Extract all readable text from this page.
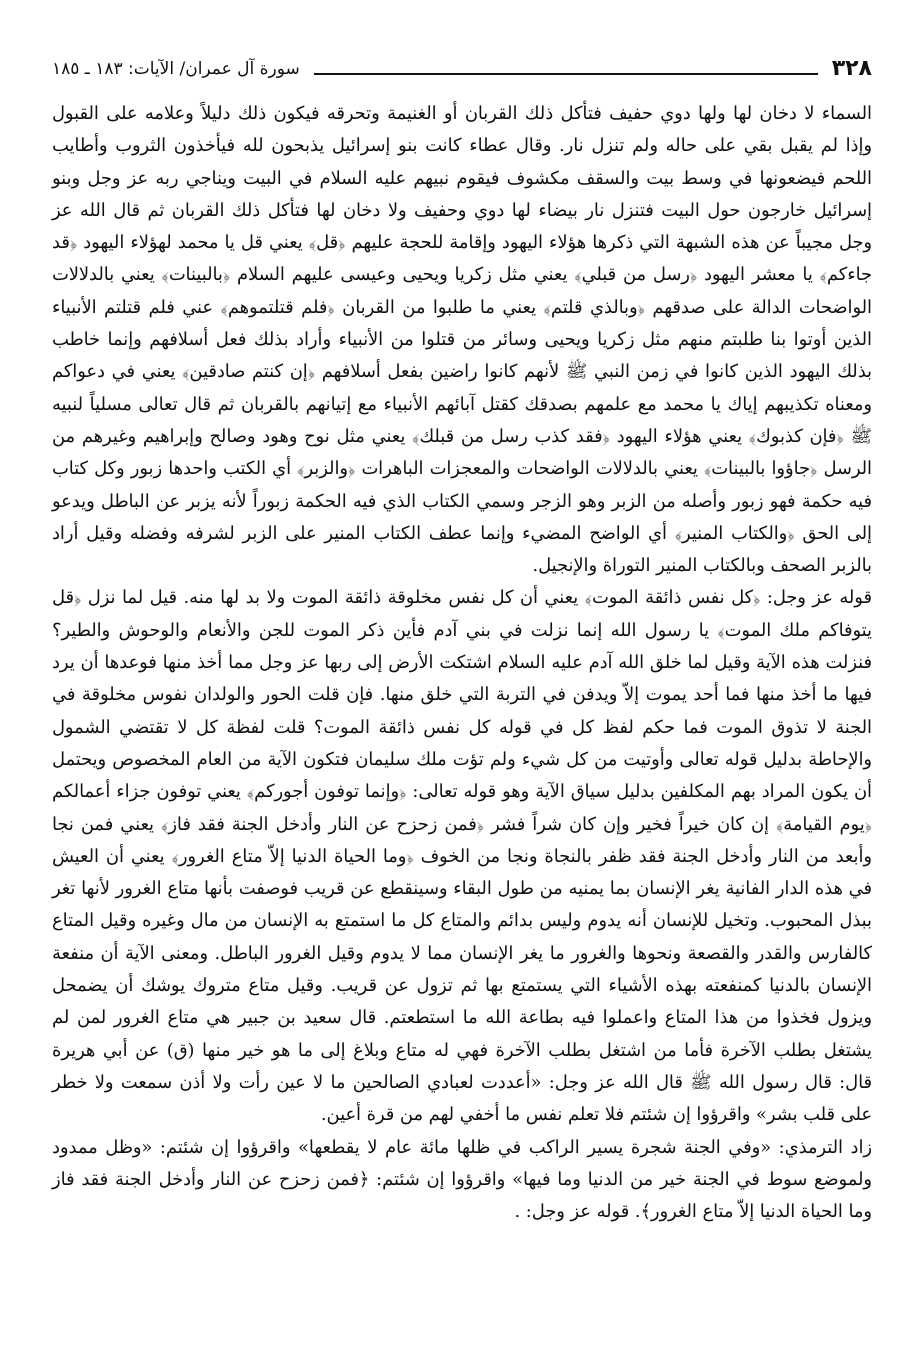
٣٢٨
سورة آل عمران/ الآيات: ١٨٣ ـ ١٨٥

السماء لا دخان لها ولها دوي حفيف فتأكل ذلك القربان أو الغنيمة وتحرقه فيكون ذلك دليلاً وعلامه على القبول وإذا لم يقبل بقي على حاله ولم تنزل نار. وقال عطاء كانت بنو إسرائيل يذبحون لله فيأخذون الثروب وأطايب اللحم فيضعونها في وسط بيت والسقف مكشوف فيقوم نبيهم عليه السلام في البيت ويناجي ربه عز وجل وبنو إسرائيل خارجون حول البيت فتنزل نار بيضاء لها دوي وحفيف ولا دخان لها فتأكل ذلك القربان ثم قال الله عز وجل مجيباً عن هذه الشبهة التي ذكرها هؤلاء اليهود وإقامة للحجة عليهم ﴿قل﴾ يعني قل يا محمد لهؤلاء اليهود ﴿قد جاءكم﴾ يا معشر اليهود ﴿رسل من قبلي﴾ يعني مثل زكريا ويحيى وعيسى عليهم السلام ﴿بالبينات﴾ يعني بالدلالات الواضحات الدالة على صدقهم ﴿وبالذي قلتم﴾ يعني ما طلبوا من القربان ﴿فلم قتلتموهم﴾ عني فلم قتلتم الأنبياء الذين أوتوا بنا طلبتم منهم مثل زكريا ويحيى وسائر من قتلوا من الأنبياء وأراد بذلك فعل أسلافهم وإنما خاطب بذلك اليهود الذين كانوا في زمن النبي ﷺ لأنهم كانوا راضين بفعل أسلافهم ﴿إن كنتم صادقين﴾ يعني في دعواكم ومعناه تكذيبهم إياك يا محمد مع علمهم بصدقك كقتل آبائهم الأنبياء مع إتيانهم بالقربان ثم قال تعالى مسلياً لنبيه ﷺ ﴿فإن كذبوك﴾ يعني هؤلاء اليهود ﴿فقد كذب رسل من قبلك﴾ يعني مثل نوح وهود وصالح وإبراهيم وغيرهم من الرسل ﴿جاؤوا بالبينات﴾ يعني بالدلالات الواضحات والمعجزات الباهرات ﴿والزبر﴾ أي الكتب واحدها زبور وكل كتاب فيه حكمة فهو زبور وأصله من الزبر وهو الزجر وسمي الكتاب الذي فيه الحكمة زبوراً لأنه يزبر عن الباطل ويدعو إلى الحق ﴿والكتاب المنير﴾ أي الواضح المضيء وإنما عطف الكتاب المنير على الزبر لشرفه وفضله وقيل أراد بالزبر الصحف وبالكتاب المنير التوراة والإنجيل.

قوله عز وجل: ﴿كل نفس ذائقة الموت﴾ يعني أن كل نفس مخلوقة ذائقة الموت ولا بد لها منه. قيل لما نزل ﴿قل يتوفاكم ملك الموت﴾ يا رسول الله إنما نزلت في بني آدم فأين ذكر الموت للجن والأنعام والوحوش والطير؟ فنزلت هذه الآية وقيل لما خلق الله آدم عليه السلام اشتكت الأرض إلى ربها عز وجل مما أخذ منها فوعدها أن يرد فيها ما أخذ منها فما أحد يموت إلاّ ويدفن في التربة التي خلق منها. فإن قلت الحور والولدان نفوس مخلوقة في الجنة لا تذوق الموت فما حكم لفظ كل في قوله كل نفس ذائقة الموت؟ قلت لفظة كل لا تقتضي الشمول والإحاطة بدليل قوله تعالى وأوتيت من كل شيء ولم تؤت ملك سليمان فتكون الآية من العام المخصوص ويحتمل أن يكون المراد بهم المكلفين بدليل سياق الآية وهو قوله تعالى: ﴿وإنما توفون أجوركم﴾ يعني توفون جزاء أعمالكم ﴿يوم القيامة﴾ إن كان خيراً فخير وإن كان شراً فشر ﴿فمن زحزح عن النار وأدخل الجنة فقد فاز﴾ يعني فمن نجا وأبعد من النار وأدخل الجنة فقد ظفر بالنجاة ونجا من الخوف ﴿وما الحياة الدنيا إلاّ متاع الغرور﴾ يعني أن العيش في هذه الدار الفانية يغر الإنسان بما يمنيه من طول البقاء وسينقطع عن قريب فوصفت بأنها متاع الغرور لأنها تغر ببذل المحبوب. وتخيل للإنسان أنه يدوم وليس بدائم والمتاع كل ما استمتع به الإنسان من مال وغيره وقيل المتاع كالفارس والقدر والقصعة ونحوها والغرور ما يغر الإنسان مما لا يدوم وقيل الغرور الباطل. ومعنى الآية أن منفعة الإنسان بالدنيا كمنفعته بهذه الأشياء التي يستمتع بها ثم تزول عن قريب. وقيل متاع متروك يوشك أن يضمحل ويزول فخذوا من هذا المتاع واعملوا فيه بطاعة الله ما استطعتم. قال سعيد بن جبير هي متاع الغرور لمن لم يشتغل بطلب الآخرة فأما من اشتغل بطلب الآخرة فهي له متاع وبلاغ إلى ما هو خير منها (ق) عن أبي هريرة قال: قال رسول الله ﷺ قال الله عز وجل: «أعددت لعبادي الصالحين ما لا عين رأت ولا أذن سمعت ولا خطر على قلب بشر» واقرؤوا إن شئتم فلا تعلم نفس ما أخفي لهم من قرة أعين.

زاد الترمذي: «وفي الجنة شجرة يسير الراكب في ظلها مائة عام لا يقطعها» واقرؤوا إن شئتم: «وظل ممدود ولموضع سوط في الجنة خير من الدنيا وما فيها» واقرؤوا إن شئتم: ﴿فمن زحزح عن النار وأدخل الجنة فقد فاز وما الحياة الدنيا إلاّ متاع الغرور﴾. قوله عز وجل: .
